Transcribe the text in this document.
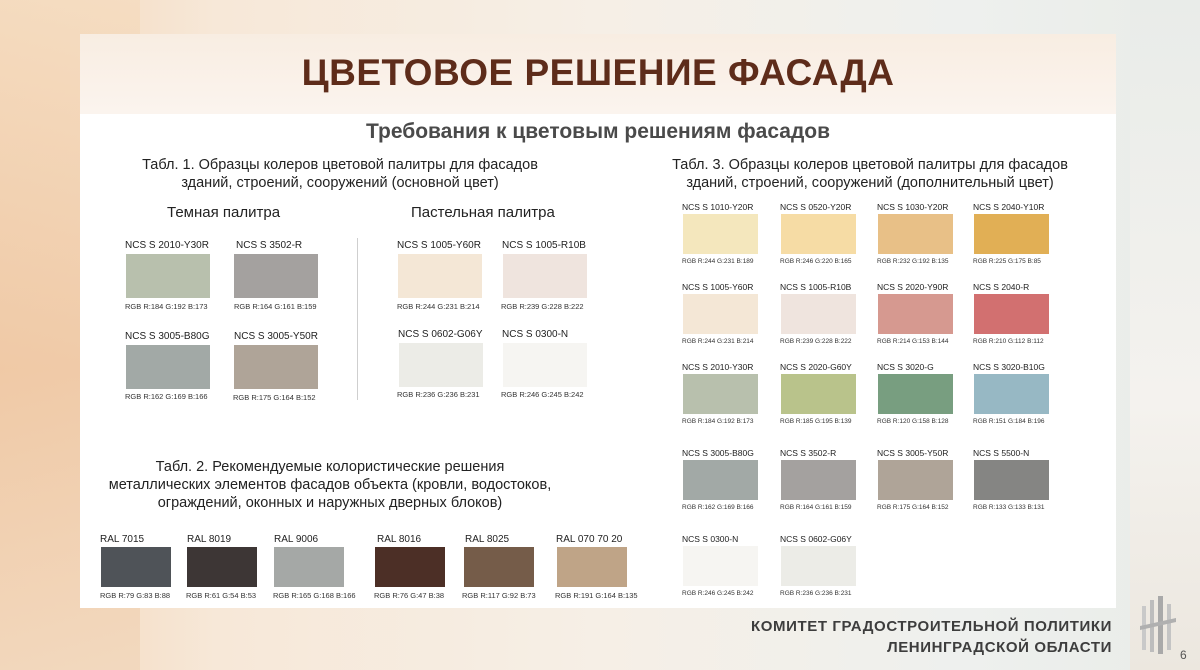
ЦВЕТОВОЕ РЕШЕНИЕ ФАСАДА
Требования к цветовым решениям фасадов
Табл. 1. Образцы колеров цветовой палитры для фасадов
зданий, строений, сооружений (основной цвет)
Темная палитра	Пастельная палитра
NCS S 2010-Y30R
RGB R:184 G:192 B:173
NCS S 3502-R
RGB R:164 G:161 B:159
NCS S 3005-B80G
RGB R:162 G:169 B:166
NCS S 3005-Y50R
RGB R:175 G:164 B:152
NCS S 1005-Y60R
RGB R:244 G:231 B:214
NCS S 1005-R10B
RGB R:239 G:228 B:222
NCS S 0602-G06Y
RGB R:236 G:236 B:231
NCS S 0300-N
RGB R:246 G:245 B:242
Табл. 2. Рекомендуемые колористические решения
металлических элементов фасадов объекта (кровли, водостоков,
ограждений, оконных и наружных дверных блоков)
RAL 7015
RGB R:79 G:83 B:88
RAL 8019
RGB R:61 G:54 B:53
RAL 9006
RGB R:165 G:168 B:166
RAL 8016
RGB R:76 G:47 B:38
RAL 8025
RGB R:117 G:92 B:73
RAL 070 70 20
RGB R:191 G:164 B:135
Табл. 3. Образцы колеров цветовой палитры для фасадов
зданий, строений, сооружений (дополнительный цвет)
NCS S 1010-Y20R
RGB R:244 G:231 B:189
NCS S 0520-Y20R
RGB R:246 G:220 B:165
NCS S 1030-Y20R
RGB R:232 G:192 B:135
NCS S 2040-Y10R
RGB R:225 G:175 B:85
NCS S 1005-Y60R
RGB R:244 G:231 B:214
NCS S 1005-R10B
RGB R:239 G:228 B:222
NCS S 2020-Y90R
RGB R:214 G:153 B:144
NCS S 2040-R
RGB R:210 G:112 B:112
NCS S 2010-Y30R
RGB R:184 G:192 B:173
NCS S 2020-G60Y
RGB R:185 G:195 B:139
NCS S 3020-G
RGB R:120 G:158 B:128
NCS S 3020-B10G
RGB R:151 G:184 B:196
NCS S 3005-B80G
RGB R:162 G:169 B:166
NCS S 3502-R
RGB R:164 G:161 B:159
NCS S 3005-Y50R
RGB R:175 G:164 B:152
NCS S 5500-N
RGB R:133 G:133 B:131
NCS S 0300-N
RGB R:246 G:245 B:242
NCS S 0602-G06Y
RGB R:236 G:236 B:231
КОМИТЕТ ГРАДОСТРОИТЕЛЬНОЙ ПОЛИТИКИ
ЛЕНИНГРАДСКОЙ ОБЛАСТИ	6
